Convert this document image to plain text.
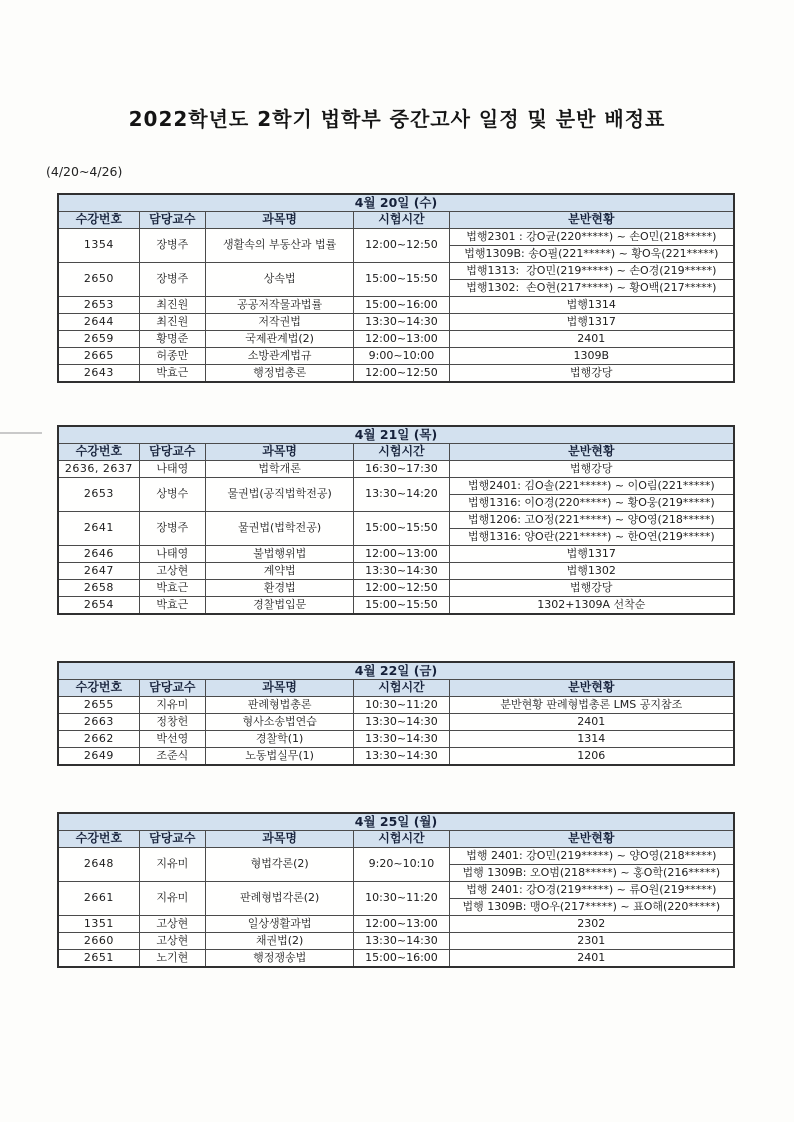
2022학년도 2학기 법학부 중간고사 일정 및 분반 배정표
(4/20~4/26)
4월 20일 (수)				
수강번호	담당교수	과목명	시험시간	분반현황
1354	장병주	생활속의 부동산과 법률	12:00~12:50	법행2301 : 강O균(220*****) ~ 손O민(218*****)
				법행1309B: 송O필(221*****) ~ 황O욱(221*****)
2650	장병주	상속법	15:00~15:50	법행1313:  강O민(219*****) ~ 손O경(219*****)
				법행1302:  손O현(217*****) ~ 황O백(217*****)
2653	최진원	공공저작물과법률	15:00~16:00	법행1314
2644	최진원	저작권법	13:30~14:30	법행1317
2659	황명준	국제관계법(2)	12:00~13:00	2401
2665	허종만	소방관계법규	9:00~10:00	1309B
2643	박효근	행정법총론	12:00~12:50	법행강당
4월 21일 (목)				
수강번호	담당교수	과목명	시험시간	분반현황
2636, 2637	나태영	법학개론	16:30~17:30	법행강당
2653	상병수	물권법(공직법학전공)	13:30~14:20	법행2401: 김O솔(221*****) ~ 이O림(221*****)
				법행1316: 이O경(220*****) ~ 황O웅(219*****)
2641	장병주	물권법(법학전공)	15:00~15:50	법행1206: 고O정(221*****) ~ 양O영(218*****)
				법행1316: 양O란(221*****) ~ 한O연(219*****)
2646	나태영	불법행위법	12:00~13:00	법행1317
2647	고상현	계약법	13:30~14:30	법행1302
2658	박효근	환경법	12:00~12:50	법행강당
2654	박효근	경찰법입문	15:00~15:50	1302+1309A 선착순
4월 22일 (금)				
수강번호	담당교수	과목명	시험시간	분반현황
2655	지유미	판례형법총론	10:30~11:20	분반현황 판례형법총론 LMS 공지참조
2663	정창헌	형사소송법연습	13:30~14:30	2401
2662	박선영	경찰학(1)	13:30~14:30	1314
2649	조준식	노동법실무(1)	13:30~14:30	1206
4월 25일 (월)				
수강번호	담당교수	과목명	시험시간	분반현황
2648	지유미	형법각론(2)	9:20~10:10	법행 2401: 강O민(219*****) ~ 양O영(218*****)
				법행 1309B: 오O범(218*****) ~ 홍O학(216*****)
2661	지유미	판례형법각론(2)	10:30~11:20	법행 2401: 강O경(219*****) ~ 류O원(219*****)
				법행 1309B: 맹O우(217*****) ~ 표O해(220*****)
1351	고상현	일상생활과법	12:00~13:00	2302
2660	고상현	채권법(2)	13:30~14:30	2301
2651	노기현	행정쟁송법	15:00~16:00	2401
